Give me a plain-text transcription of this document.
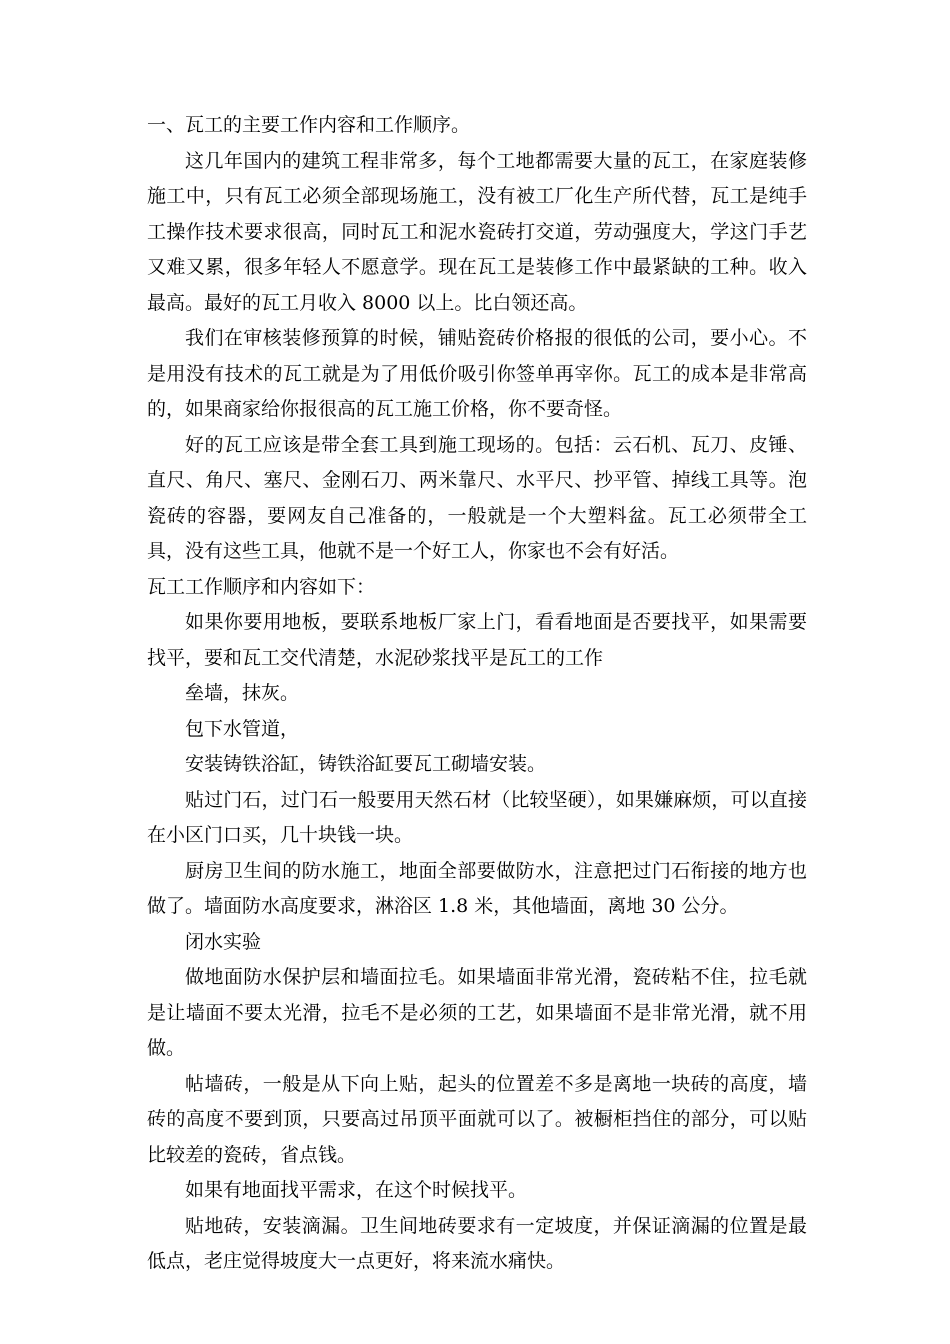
一、瓦工的主要工作内容和工作顺序。

这几年国内的建筑工程非常多，每个工地都需要大量的瓦工，在家庭装修施工中，只有瓦工必须全部现场施工，没有被工厂化生产所代替，瓦工是纯手工操作技术要求很高，同时瓦工和泥水瓷砖打交道，劳动强度大，学这门手艺又难又累，很多年轻人不愿意学。现在瓦工是装修工作中最紧缺的工种。收入最高。最好的瓦工月收入 8000 以上。比白领还高。

我们在审核装修预算的时候，铺贴瓷砖价格报的很低的公司，要小心。不是用没有技术的瓦工就是为了用低价吸引你签单再宰你。瓦工的成本是非常高的，如果商家给你报很高的瓦工施工价格，你不要奇怪。

好的瓦工应该是带全套工具到施工现场的。包括：云石机、瓦刀、皮锤、直尺、角尺、塞尺、金刚石刀、两米靠尺、水平尺、抄平管、掉线工具等。泡瓷砖的容器，要网友自己准备的，一般就是一个大塑料盆。瓦工必须带全工具，没有这些工具，他就不是一个好工人，你家也不会有好活。

瓦工工作顺序和内容如下：

如果你要用地板，要联系地板厂家上门，看看地面是否要找平，如果需要找平，要和瓦工交代清楚，水泥砂浆找平是瓦工的工作

垒墙，抹灰。

包下水管道，

安装铸铁浴缸，铸铁浴缸要瓦工砌墙安装。

贴过门石，过门石一般要用天然石材（比较坚硬），如果嫌麻烦，可以直接在小区门口买，几十块钱一块。

厨房卫生间的防水施工，地面全部要做防水，注意把过门石衔接的地方也做了。墙面防水高度要求，淋浴区 1.8 米，其他墙面，离地 30 公分。

闭水实验

做地面防水保护层和墙面拉毛。如果墙面非常光滑，瓷砖粘不住，拉毛就是让墙面不要太光滑，拉毛不是必须的工艺，如果墙面不是非常光滑，就不用做。

帖墙砖，一般是从下向上贴，起头的位置差不多是离地一块砖的高度，墙砖的高度不要到顶，只要高过吊顶平面就可以了。被橱柜挡住的部分，可以贴比较差的瓷砖，省点钱。

如果有地面找平需求，在这个时候找平。

贴地砖，安装滴漏。卫生间地砖要求有一定坡度，并保证滴漏的位置是最低点，老庄觉得坡度大一点更好，将来流水痛快。
